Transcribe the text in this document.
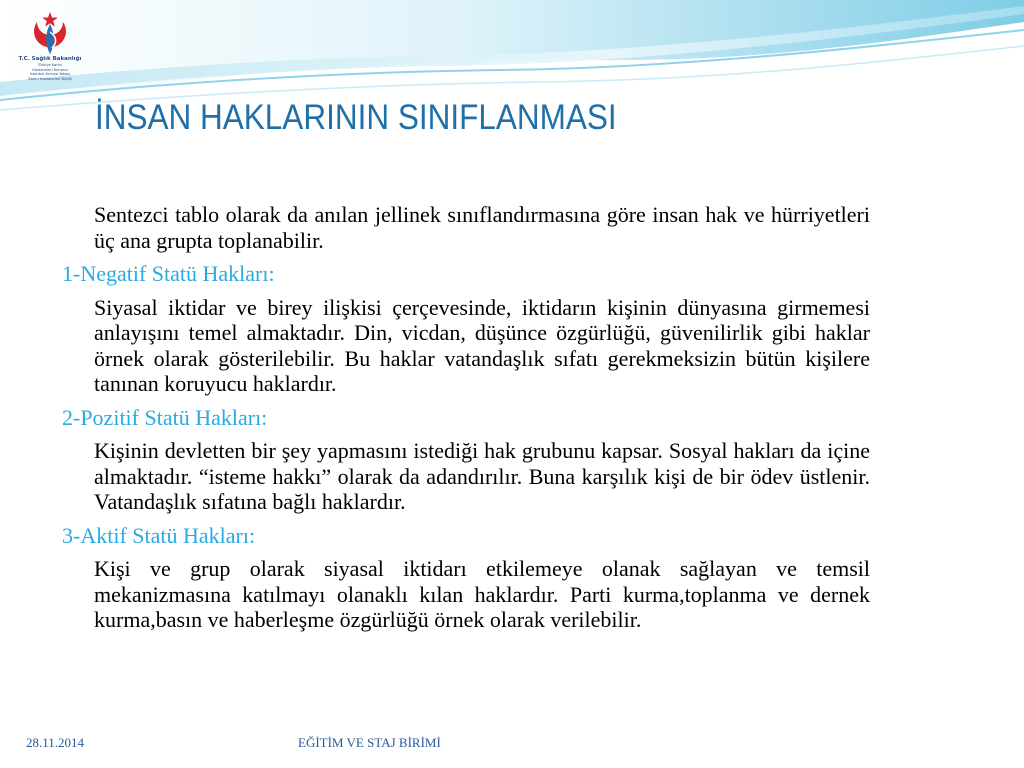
T.C. Sağlık Bakanlığı
Türkiye Kamu
Hastaneleri Kurumu
İstanbul Avrupa Yakası
Kamu Hastaneleri Birliği
İNSAN HAKLARININ SINIFLANMASI

Sentezci tablo olarak da anılan jellinek sınıflandırmasına göre insan hak ve hürriyetleri üç ana grupta toplanabilir.

1-Negatif Statü Hakları:

Siyasal iktidar ve birey ilişkisi çerçevesinde, iktidarın kişinin dünyasına girmemesi anlayışını temel almaktadır. Din, vicdan, düşünce özgürlüğü, güvenilirlik gibi haklar örnek olarak gösterilebilir. Bu haklar vatandaşlık sıfatı gerekmeksizin bütün kişilere tanınan koruyucu haklardır.

2-Pozitif Statü Hakları:

Kişinin devletten bir şey yapmasını istediği hak grubunu kapsar. Sosyal hakları da içine almaktadır. “isteme hakkı” olarak da adandırılır. Buna karşılık kişi de bir ödev üstlenir. Vatandaşlık sıfatına bağlı haklardır.

3-Aktif Statü Hakları:

Kişi ve grup olarak siyasal iktidarı etkilemeye olanak sağlayan ve temsil mekanizmasına katılmayı olanaklı kılan haklardır. Parti kurma,toplanma ve dernek kurma,basın ve haberleşme özgürlüğü örnek olarak verilebilir.

28.11.2014	EĞİTİM VE STAJ BİRİMİ
